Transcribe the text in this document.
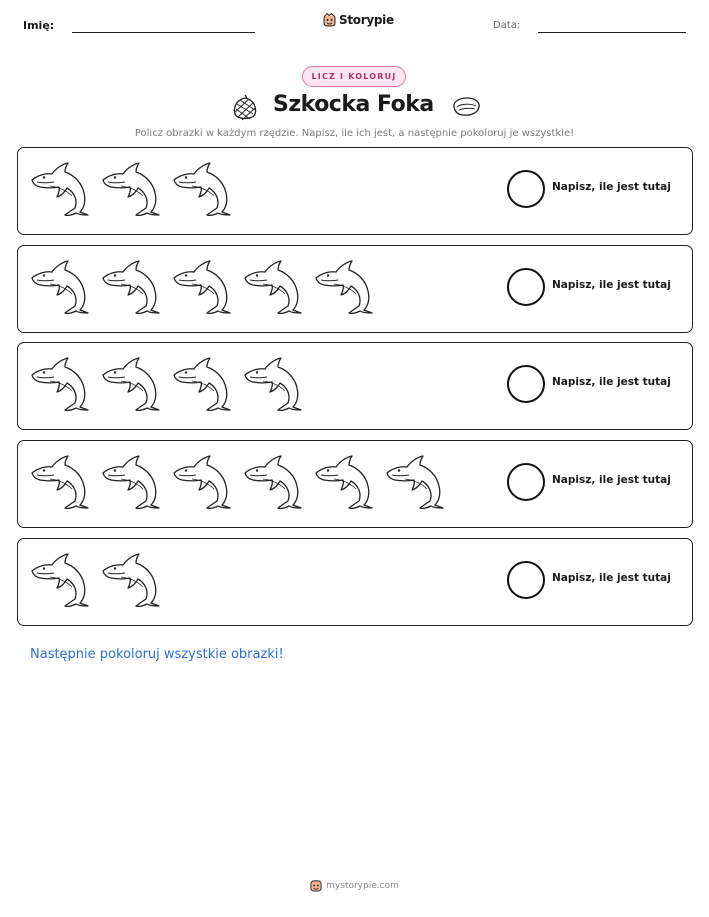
Imię:	Storypie	Data:
LICZ I KOLORUJ
Szkocka Foka
Policz obrazki w każdym rzędzie. Napisz, ile ich jest, a następnie pokoloruj je wszystkie!
Napisz, ile jest tutaj
Napisz, ile jest tutaj
Napisz, ile jest tutaj
Napisz, ile jest tutaj
Napisz, ile jest tutaj
Następnie pokoloruj wszystkie obrazki!
mystorypie.com
